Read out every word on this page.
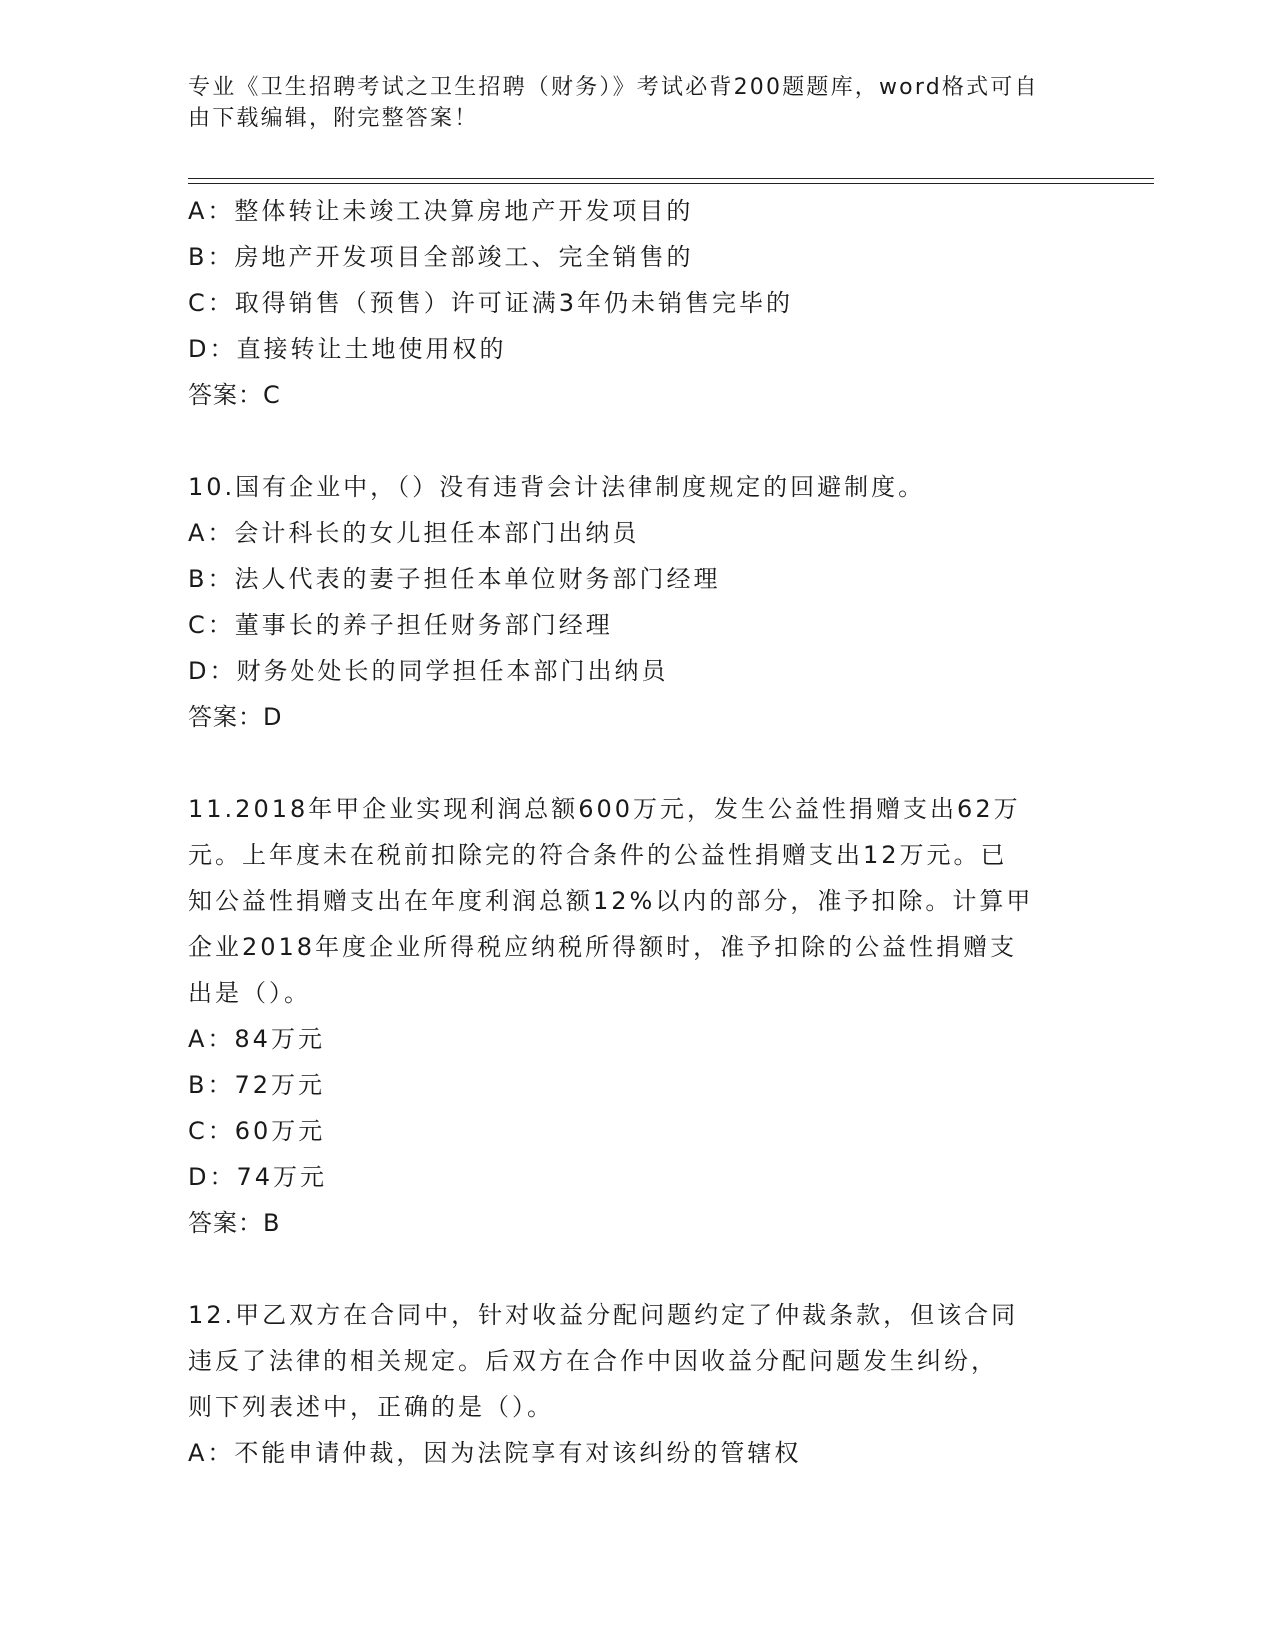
专业《卫生招聘考试之卫生招聘（财务）》考试必背200题题库，word格式可自
由下载编辑，附完整答案！
A：整体转让未竣工决算房地产开发项目的
B：房地产开发项目全部竣工、完全销售的
C：取得销售（预售）许可证满3年仍未销售完毕的
D：直接转让土地使用权的
答案：C
10.国有企业中，（）没有违背会计法律制度规定的回避制度。
A：会计科长的女儿担任本部门出纳员
B：法人代表的妻子担任本单位财务部门经理
C：董事长的养子担任财务部门经理
D：财务处处长的同学担任本部门出纳员
答案：D
11.2018年甲企业实现利润总额600万元，发生公益性捐赠支出62万
元。上年度未在税前扣除完的符合条件的公益性捐赠支出12万元。已
知公益性捐赠支出在年度利润总额12%以内的部分，准予扣除。计算甲
企业2018年度企业所得税应纳税所得额时，准予扣除的公益性捐赠支
出是（）。
A：84万元
B：72万元
C：60万元
D：74万元
答案：B
12.甲乙双方在合同中，针对收益分配问题约定了仲裁条款，但该合同
违反了法律的相关规定。后双方在合作中因收益分配问题发生纠纷，
则下列表述中，正确的是（）。
A：不能申请仲裁，因为法院享有对该纠纷的管辖权
